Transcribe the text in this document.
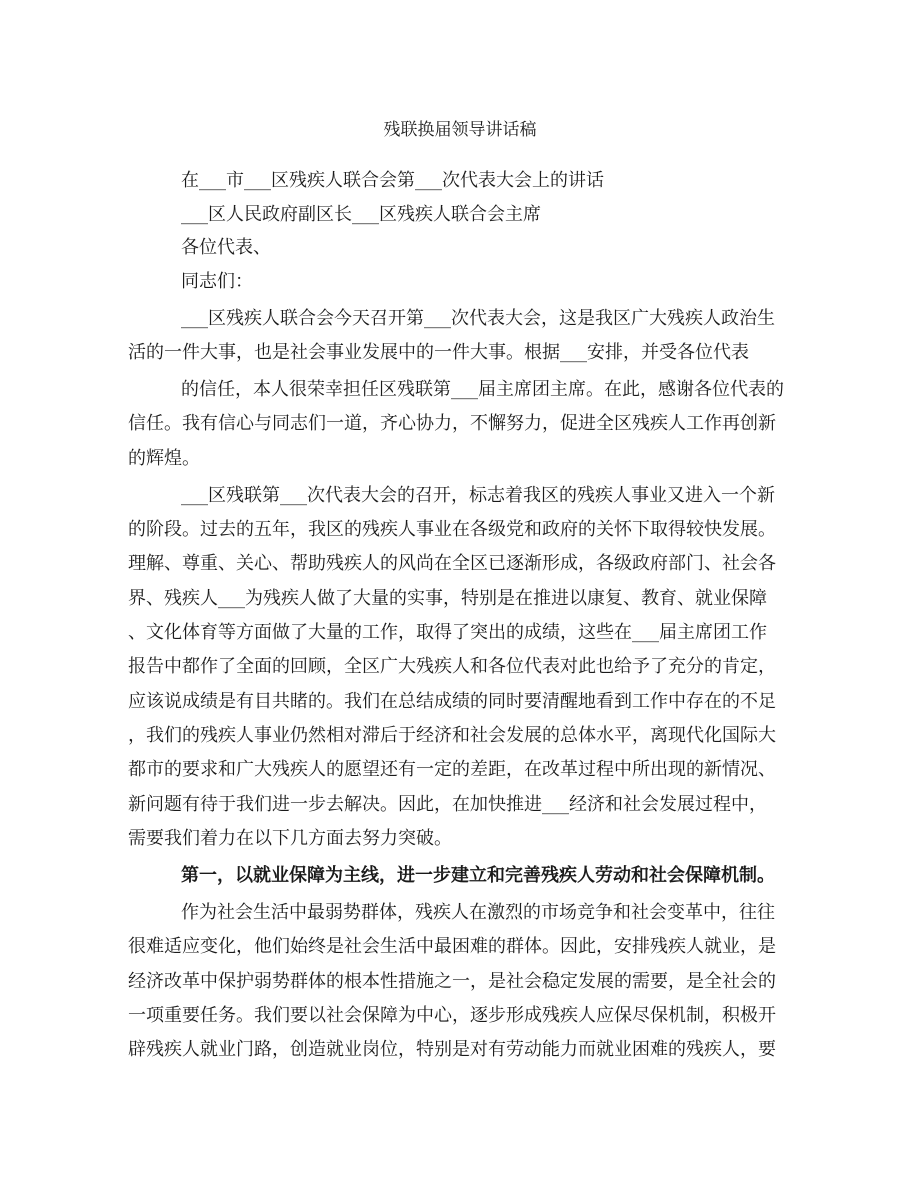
残联换届领导讲话稿
在___市___区残疾人联合会第___次代表大会上的讲话
___区人民政府副区长___区残疾人联合会主席
各位代表、
同志们：
___区残疾人联合会今天召开第___次代表大会，这是我区广大残疾人政治生
活的一件大事，也是社会事业发展中的一件大事。根据___安排，并受各位代表
的信任，本人很荣幸担任区残联第___届主席团主席。在此，感谢各位代表的
信任。我有信心与同志们一道，齐心协力，不懈努力，促进全区残疾人工作再创新
的辉煌。
___区残联第___次代表大会的召开，标志着我区的残疾人事业又进入一个新
的阶段。过去的五年，我区的残疾人事业在各级党和政府的关怀下取得较快发展。
理解、尊重、关心、帮助残疾人的风尚在全区已逐渐形成，各级政府部门、社会各
界、残疾人___为残疾人做了大量的实事，特别是在推进以康复、教育、就业保障
、文化体育等方面做了大量的工作，取得了突出的成绩，这些在___届主席团工作
报告中都作了全面的回顾，全区广大残疾人和各位代表对此也给予了充分的肯定，
应该说成绩是有目共睹的。我们在总结成绩的同时要清醒地看到工作中存在的不足
，我们的残疾人事业仍然相对滞后于经济和社会发展的总体水平，离现代化国际大
都市的要求和广大残疾人的愿望还有一定的差距，在改革过程中所出现的新情况、
新问题有待于我们进一步去解决。因此，在加快推进___经济和社会发展过程中，
需要我们着力在以下几方面去努力突破。
第一，以就业保障为主线，进一步建立和完善残疾人劳动和社会保障机制。
作为社会生活中最弱势群体，残疾人在激烈的市场竞争和社会变革中，往往
很难适应变化，他们始终是社会生活中最困难的群体。因此，安排残疾人就业，是
经济改革中保护弱势群体的根本性措施之一，是社会稳定发展的需要，是全社会的
一项重要任务。我们要以社会保障为中心，逐步形成残疾人应保尽保机制，积极开
辟残疾人就业门路，创造就业岗位，特别是对有劳动能力而就业困难的残疾人，要
